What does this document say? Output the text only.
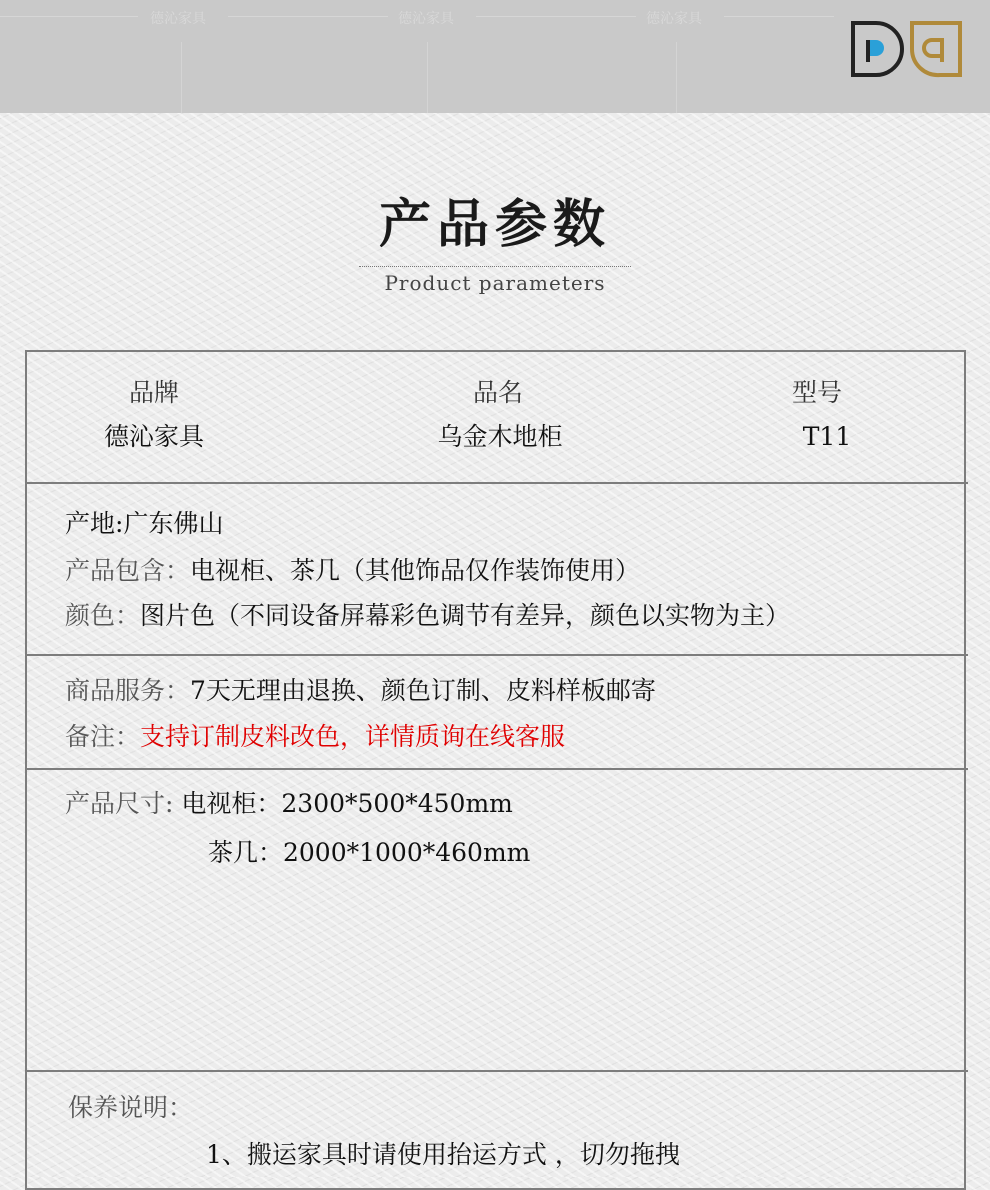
德沁家具	德沁家具	德沁家具
产品参数
Product parameters
品牌	品名	型号
德沁家具	乌金木地柜	T11
产地:广东佛山
产品包含：电视柜、茶几（其他饰品仅作装饰使用）
颜色：图片色（不同设备屏幕彩色调节有差异，颜色以实物为主）
商品服务：7天无理由退换、颜色订制、皮料样板邮寄
备注：支持订制皮料改色，详情质询在线客服
产品尺寸: 电视柜：2300*500*450mm
茶几：2000*1000*460mm
保养说明：
1、搬运家具时请使用抬运方式 ，切勿拖拽
